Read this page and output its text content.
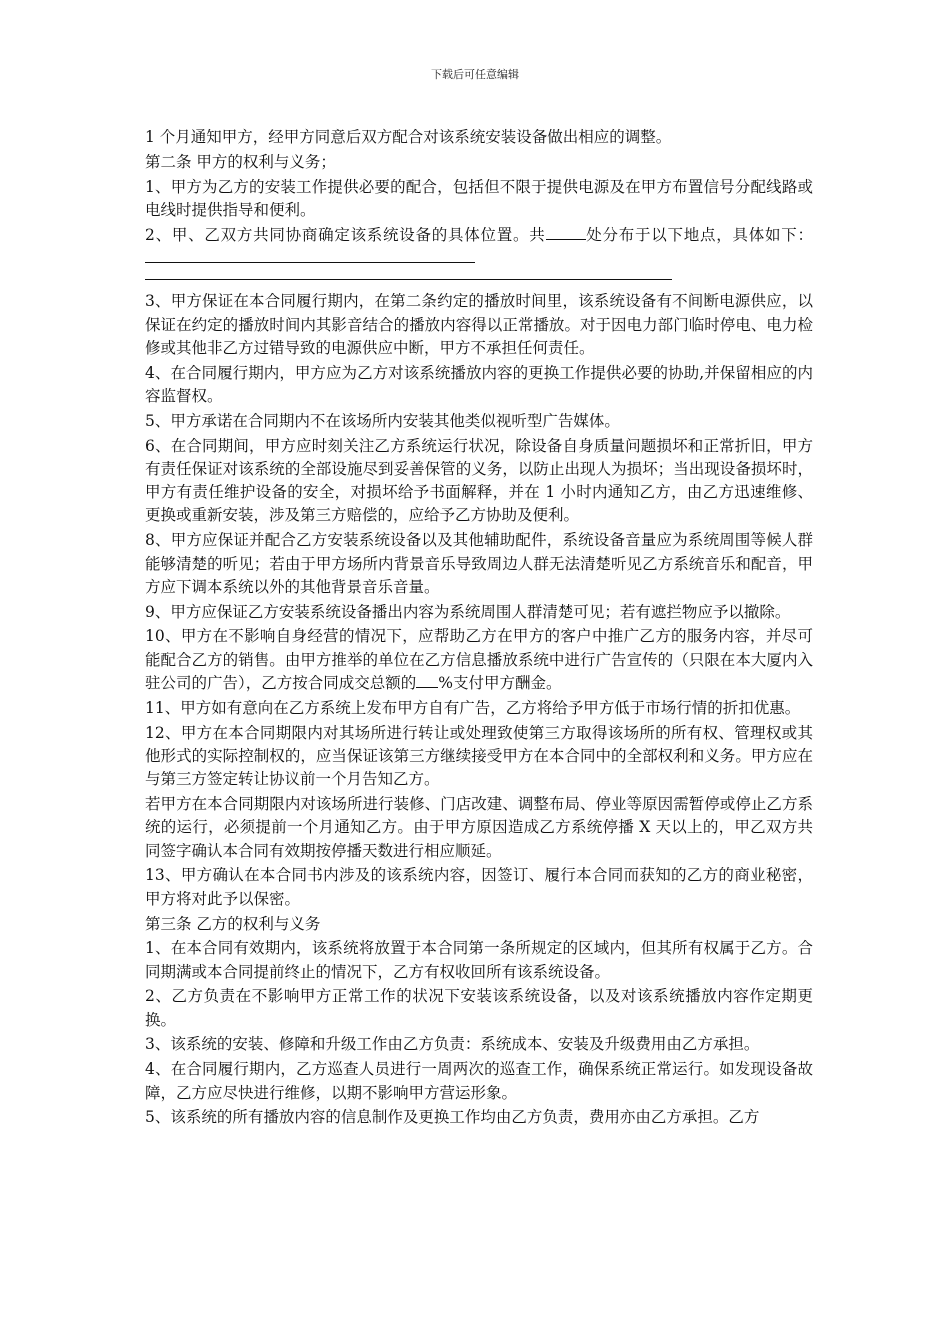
下载后可任意编辑

1 个月通知甲方，经甲方同意后双方配合对该系统安装设备做出相应的调整。

第二条 甲方的权利与义务；

1、甲方为乙方的安装工作提供必要的配合，包括但不限于提供电源及在甲方布置信号分配线路或电线时提供指导和便利。

2、甲、乙双方共同协商确定该系统设备的具体位置。共	处分布于以下地点，具体如下：

3、甲方保证在本合同履行期内，在第二条约定的播放时间里，该系统设备有不间断电源供应，以保证在约定的播放时间内其影音结合的播放内容得以正常播放。对于因电力部门临时停电、电力检修或其他非乙方过错导致的电源供应中断，甲方不承担任何责任。

4、在合同履行期内，甲方应为乙方对该系统播放内容的更换工作提供必要的协助,并保留相应的内容监督权。

5、甲方承诺在合同期内不在该场所内安装其他类似视听型广告媒体。

6、在合同期间，甲方应时刻关注乙方系统运行状况，除设备自身质量问题损坏和正常折旧，甲方有责任保证对该系统的全部设施尽到妥善保管的义务，以防止出现人为损坏；当出现设备损坏时，甲方有责任维护设备的安全，对损坏给予书面解释，并在 1 小时内通知乙方，由乙方迅速维修、更换或重新安装，涉及第三方赔偿的，应给予乙方协助及便利。

8、甲方应保证并配合乙方安装系统设备以及其他辅助配件，系统设备音量应为系统周围等候人群能够清楚的听见；若由于甲方场所内背景音乐导致周边人群无法清楚听见乙方系统音乐和配音，甲方应下调本系统以外的其他背景音乐音量。

9、甲方应保证乙方安装系统设备播出内容为系统周围人群清楚可见；若有遮拦物应予以撤除。

10、甲方在不影响自身经营的情况下，应帮助乙方在甲方的客户中推广乙方的服务内容，并尽可能配合乙方的销售。由甲方推举的单位在乙方信息播放系统中进行广告宣传的（只限在本大厦内入驻公司的广告），乙方按合同成交总额的 %支付甲方酬金。

11、甲方如有意向在乙方系统上发布甲方自有广告，乙方将给予甲方低于市场行情的折扣优惠。

12、甲方在本合同期限内对其场所进行转让或处理致使第三方取得该场所的所有权、管理权或其他形式的实际控制权的，应当保证该第三方继续接受甲方在本合同中的全部权利和义务。甲方应在与第三方签定转让协议前一个月告知乙方。

若甲方在本合同期限内对该场所进行装修、门店改建、调整布局、停业等原因需暂停或停止乙方系统的运行，必须提前一个月通知乙方。由于甲方原因造成乙方系统停播 X 天以上的，甲乙双方共同签字确认本合同有效期按停播天数进行相应顺延。

13、甲方确认在本合同书内涉及的该系统内容，因签订、履行本合同而获知的乙方的商业秘密，甲方将对此予以保密。

第三条 乙方的权利与义务

1、在本合同有效期内，该系统将放置于本合同第一条所规定的区域内，但其所有权属于乙方。合同期满或本合同提前终止的情况下，乙方有权收回所有该系统设备。

2、乙方负责在不影响甲方正常工作的状况下安装该系统设备，以及对该系统播放内容作定期更换。

3、该系统的安装、修障和升级工作由乙方负责：系统成本、安装及升级费用由乙方承担。

4、在合同履行期内，乙方巡查人员进行一周两次的巡查工作，确保系统正常运行。如发现设备故障，乙方应尽快进行维修，以期不影响甲方营运形象。

5、该系统的所有播放内容的信息制作及更换工作均由乙方负责，费用亦由乙方承担。乙方
